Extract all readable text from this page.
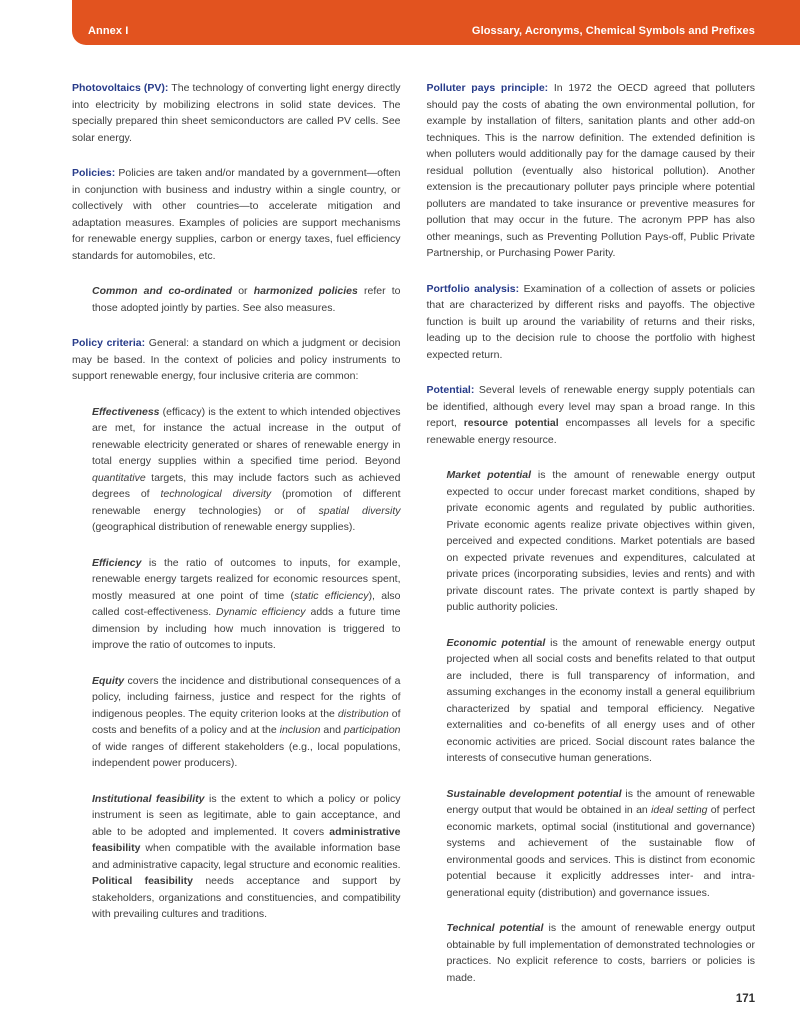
Annex I	Glossary, Acronyms, Chemical Symbols and Prefixes

Photovoltaics (PV): The technology of converting light energy directly into electricity by mobilizing electrons in solid state devices. The specially prepared thin sheet semiconductors are called PV cells. See solar energy.

Policies: Policies are taken and/or mandated by a government—often in conjunction with business and industry within a single country, or collectively with other countries—to accelerate mitigation and adaptation measures. Examples of policies are support mechanisms for renewable energy supplies, carbon or energy taxes, fuel efficiency standards for automobiles, etc.

Common and co-ordinated or harmonized policies refer to those adopted jointly by parties. See also measures.

Policy criteria: General: a standard on which a judgment or decision may be based. In the context of policies and policy instruments to support renewable energy, four inclusive criteria are common:

Effectiveness (efficacy) is the extent to which intended objectives are met, for instance the actual increase in the output of renewable electricity generated or shares of renewable energy in total energy supplies within a specified time period. Beyond quantitative targets, this may include factors such as achieved degrees of technological diversity (promotion of different renewable energy technologies) or of spatial diversity (geographical distribution of renewable energy supplies).

Efficiency is the ratio of outcomes to inputs, for example, renewable energy targets realized for economic resources spent, mostly measured at one point of time (static efficiency), also called cost-effectiveness. Dynamic efficiency adds a future time dimension by including how much innovation is triggered to improve the ratio of outcomes to inputs.

Equity covers the incidence and distributional consequences of a policy, including fairness, justice and respect for the rights of indigenous peoples. The equity criterion looks at the distribution of costs and benefits of a policy and at the inclusion and participation of wide ranges of different stakeholders (e.g., local populations, independent power producers).

Institutional feasibility is the extent to which a policy or policy instrument is seen as legitimate, able to gain acceptance, and able to be adopted and implemented. It covers administrative feasibility when compatible with the available information base and administrative capacity, legal structure and economic realities. Political feasibility needs acceptance and support by stakeholders, organizations and constituencies, and compatibility with prevailing cultures and traditions.

Polluter pays principle: In 1972 the OECD agreed that polluters should pay the costs of abating the own environmental pollution, for example by installation of filters, sanitation plants and other add-on techniques. This is the narrow definition. The extended definition is when polluters would additionally pay for the damage caused by their residual pollution (eventually also historical pollution). Another extension is the precautionary polluter pays principle where potential polluters are mandated to take insurance or preventive measures for pollution that may occur in the future. The acronym PPP has also other meanings, such as Preventing Pollution Pays-off, Public Private Partnership, or Purchasing Power Parity.

Portfolio analysis: Examination of a collection of assets or policies that are characterized by different risks and payoffs. The objective function is built up around the variability of returns and their risks, leading up to the decision rule to choose the portfolio with highest expected return.

Potential: Several levels of renewable energy supply potentials can be identified, although every level may span a broad range. In this report, resource potential encompasses all levels for a specific renewable energy resource.

Market potential is the amount of renewable energy output expected to occur under forecast market conditions, shaped by private economic agents and regulated by public authorities. Private economic agents realize private objectives within given, perceived and expected conditions. Market potentials are based on expected private revenues and expenditures, calculated at private prices (incorporating subsidies, levies and rents) and with private discount rates. The private context is partly shaped by public authority policies.

Economic potential is the amount of renewable energy output projected when all social costs and benefits related to that output are included, there is full transparency of information, and assuming exchanges in the economy install a general equilibrium characterized by spatial and temporal efficiency. Negative externalities and co-benefits of all energy uses and of other economic activities are priced. Social discount rates balance the interests of consecutive human generations.

Sustainable development potential is the amount of renewable energy output that would be obtained in an ideal setting of perfect economic markets, optimal social (institutional and governance) systems and achievement of the sustainable flow of environmental goods and services. This is distinct from economic potential because it explicitly addresses inter- and intra-generational equity (distribution) and governance issues.

Technical potential is the amount of renewable energy output obtainable by full implementation of demonstrated technologies or practices. No explicit reference to costs, barriers or policies is made.

171
